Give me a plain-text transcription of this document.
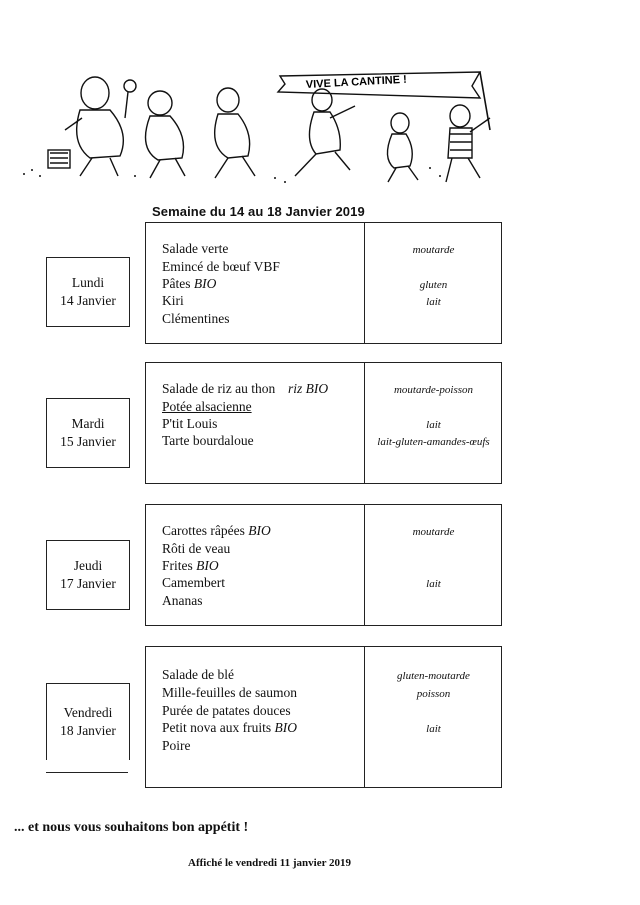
VIVE LA CANTINE !
Semaine du 14 au 18 Janvier 2019
Lundi
14 Janvier
Salade verte
Emincé de bœuf VBF
Pâtes BIO
Kiri
Clémentines
moutarde
gluten
lait
Mardi
15 Janvier
Salade de riz au thon riz BIO
Potée alsacienne
P'tit Louis
Tarte bourdaloue
moutarde-poisson
lait
lait-gluten-amandes-œufs
Jeudi
17 Janvier
Carottes râpées BIO
Rôti de veau
Frites BIO
Camembert
Ananas
moutarde
lait
Vendredi
18 Janvier
Salade de blé
Mille-feuilles de saumon
Purée de patates douces
Petit nova aux fruits BIO
Poire
gluten-moutarde
poisson
lait
... et nous vous souhaitons bon appétit !
Affiché le vendredi 11 janvier 2019
